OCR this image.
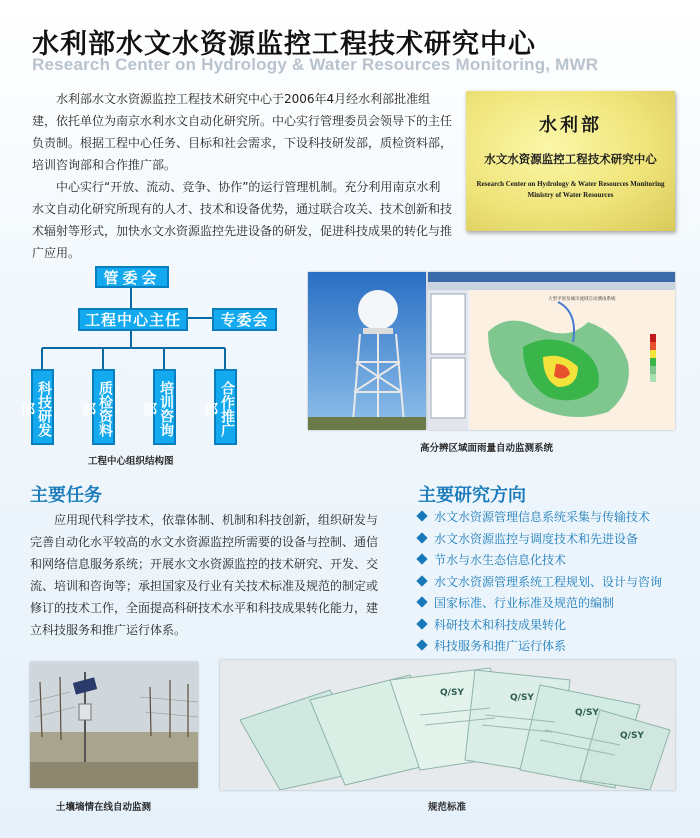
水利部水文水资源监控工程技术研究中心
Research Center on Hydrology & Water Resources Monitoring, MWR

水利部水文水资源监控工程技术研究中心于2006年4月经水利部批准组建，依托单位为南京水利水文自动化研究所。中心实行管理委员会领导下的主任负责制。根据工程中心任务、目标和社会需求，下设科技研发部，质检资料部，培训咨询部和合作推广部。

中心实行“开放、流动、竞争、协作”的运行管理机制。充分利用南京水利水文自动化研究所现有的人才、技术和设备优势，通过联合攻关、技术创新和技术辐射等形式，加快水文水资源监控先进设备的研发，促进科技成果的转化与推广应用。

水利部
水文水资源监控工程技术研究中心
Research Center on Hydrology & Water Resources Monitoring
Ministry of Water Resources
管委会
工程中心主任	专委会
科技研发部	质检资料部	培训咨询部	合作推广部
工程中心组织结构图
大型平原及城市流域自动测雨系统
高分辨区域面雨量自动监测系统
主要任务
应用现代科学技术，依靠体制、机制和科技创新，组织研发与完善自动化水平较高的水文水资源监控所需要的设备与控制、通信和网络信息服务系统；开展水文水资源监控的技术研究、开发、交流、培训和咨询等；承担国家及行业有关技术标准及规范的制定或修订的技术工作，全面提高科研技术水平和科技成果转化能力，建立科技服务和推广运行体系。
主要研究方向
水文水资源管理信息系统采集与传输技术
水文水资源监控与调度技术和先进设备
节水与水生态信息化技术
水文水资源管理系统工程规划、设计与咨询
国家标准、行业标准及规范的编制
科研技术和科技成果转化
科技服务和推广运行体系
土壤墒情在线自动监测
Q/SY	Q/SY
Q/SY
Q/SY
规范标准
